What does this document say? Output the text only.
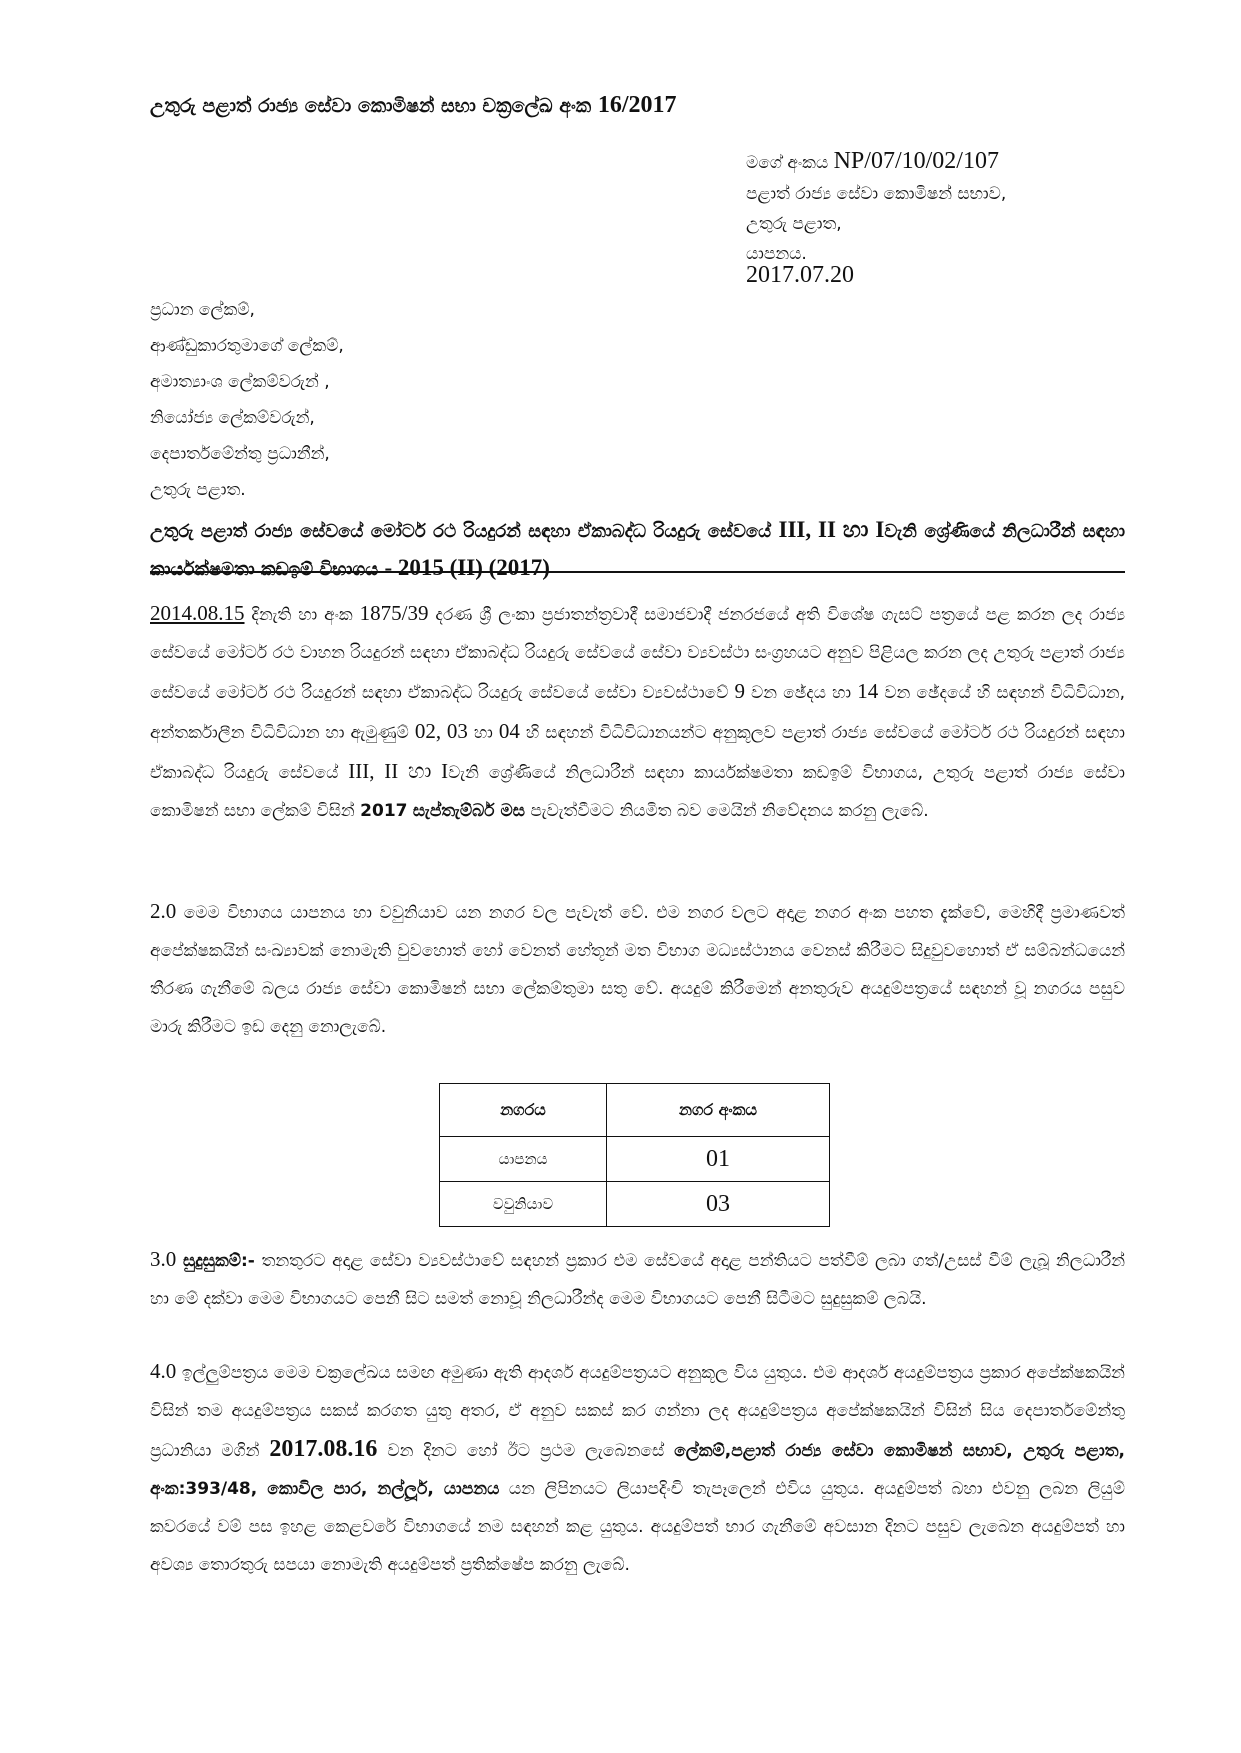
උතුරු පළාත් රාජ්‍ය සේවා කොමිෂන් සභා චක්‍රලේඛ අංක 16/2017
මගේ අංකය NP/07/10/02/107
පළාත් රාජ්‍ය සේවා කොමිෂන් සභාව,
උතුරු පළාත,
යාපනය.
2017.07.20
ප්‍රධාන ලේකම්,
ආණ්ඩුකාරතුමාගේ ලේකම්,
අමාත්‍යාංශ ලේකම්වරුන් ,
නියෝජ්‍ය ලේකම්වරුන්,
දෙපාර්තමේන්තු ප්‍රධානීන්,
උතුරු පළාත.
උතුරු පළාත් රාජ්‍ය සේවයේ මෝටර් රථ රියදුරන් සඳහා ඒකාබද්ධ රියදුරු සේවයේ III, II හා Iවැනි ශ්‍රේණියේ නිලධාරීන් සඳහා කාර්යක්ෂමතා කඩඉම් විභාගය - 2015 (II) (2017)
2014.08.15 දිනැති හා අංක 1875/39 දරණ ශ්‍රී ලංකා ප්‍රජාතන්ත්‍රවාදී සමාජවාදී ජනරජයේ අති විශේෂ ගැසට් පත්‍රයේ පළ කරන ලද රාජ්‍ය සේවයේ මෝටර් රථ වාහන රියදුරන් සඳහා ඒකාබද්ධ රියදුරු සේවයේ සේවා ව්‍යවස්ථා සංග්‍රහයට අනුව පිළියල කරන ලද උතුරු පළාත් රාජ්‍ය සේවයේ මෝටර් රථ රියදුරන් සඳහා ඒකාබද්ධ රියදුරු සේවයේ සේවා ව්‍යවස්ථාවේ 9 වන ඡේදය හා 14 වන ඡේදයේ හි සඳහන් විධිවිධාන, අන්තර්කාලීන විධිවිධාන හා ඇමුණුම් 02, 03 හා 04 හි සඳහන් විධිවිධානයන්ට අනුකූලව පළාත් රාජ්‍ය සේවයේ මෝටර් රථ රියදුරන් සඳහා ඒකාබද්ධ රියදුරු සේවයේ III, II හා Iවැනි ශ්‍රේණියේ නිලධාරීන් සඳහා කාර්යක්ෂමතා කඩඉම් විභාගය, උතුරු පළාත් රාජ්‍ය සේවා කොමිෂන් සභා ලේකම් විසින් 2017 සැප්තැම්බර් මස පැවැත්වීමට නියමිත බව මෙයින් නිවේදනය කරනු ලැබේ.
2.0 මෙම විභාගය යාපනය හා වවුනියාව යන නගර වල පැවැත් වේ. එම නගර වලට අදාළ නගර අංක පහත දැක්වේ, මෙහිදී ප්‍රමාණවත් අපේක්ෂකයින් සංඛ්‍යාවක් නොමැති වුවහොත් හෝ වෙනත් හේතූන් මත විභාග මධ්‍යස්ථානය වෙනස් කිරීමට සිදුවුවහොත් ඒ සම්බන්ධයෙන් තීරණ ගැනීමේ බලය රාජ්‍ය සේවා කොමිෂන් සභා ලේකම්තුමා සතු වේ. අයදුම් කිරීමෙන් අනතුරුව අයදුම්පත්‍රයේ සඳහන් වූ නගරය පසුව මාරු කිරීමට ඉඩ දෙනු නොලැබේ.
නගරය	නගර අංකය
යාපනය	01
වවුනියාව	03
3.0 සුදුසුකම්:- තනතුරට අදාළ සේවා ව්‍යවස්ථාවේ සඳහන් ප්‍රකාර එම සේවයේ අදාළ පන්තියට පත්වීම් ලබා ගත්/උසස් වීම් ලැබූ නිලධාරීන් හා මේ දක්වා මෙම විභාගයට පෙනී සිට සමත් නොවූ නිලධාරීන්ද මෙම විභාගයට පෙනී සිටීමට සුදුසුකම් ලබයි.
4.0 ඉල්ලුම්පත්‍රය මෙම චක්‍රලේඛය සමඟ අමුණා ඇති ආදර්ශ අයදුම්පත්‍රයට අනුකූල විය යුතුය. එම ආදර්ශ අයදුම්පත්‍රය ප්‍රකාර අපේක්ෂකයින් විසින් තම අයදුම්පත්‍රය සකස් කරගත යුතු අතර, ඒ අනුව සකස් කර ගන්නා ලද අයදුම්පත්‍රය අපේක්ෂකයින් විසින් සිය දෙපාර්තමේන්තු ප්‍රධානියා මගින් 2017.08.16 වන දිනට හෝ ඊට ප්‍රථම ලැබෙනසේ ලේකම්,පළාත් රාජ්‍ය සේවා කොමිෂන් සභාව, උතුරු පළාත, අංක:393/48, කොවිල පාර, නල්ලූර්, යාපනය යන ලිපිනයට ලියාපදිංචි තැපෑලෙන් එවිය යුතුය. අයදුම්පත් බහා එවනු ලබන ලියුම් කවරයේ වම් පස ඉහළ කෙළවරේ විභාගයේ නම සඳහන් කළ යුතුය. අයදුම්පත් භාර ගැනීමේ අවසාන දිනට පසුව ලැබෙන අයදුම්පත් හා අවශ්‍ය තොරතුරු සපයා නොමැති අයදුම්පත් ප්‍රතික්ෂේප කරනු ලැබේ.
